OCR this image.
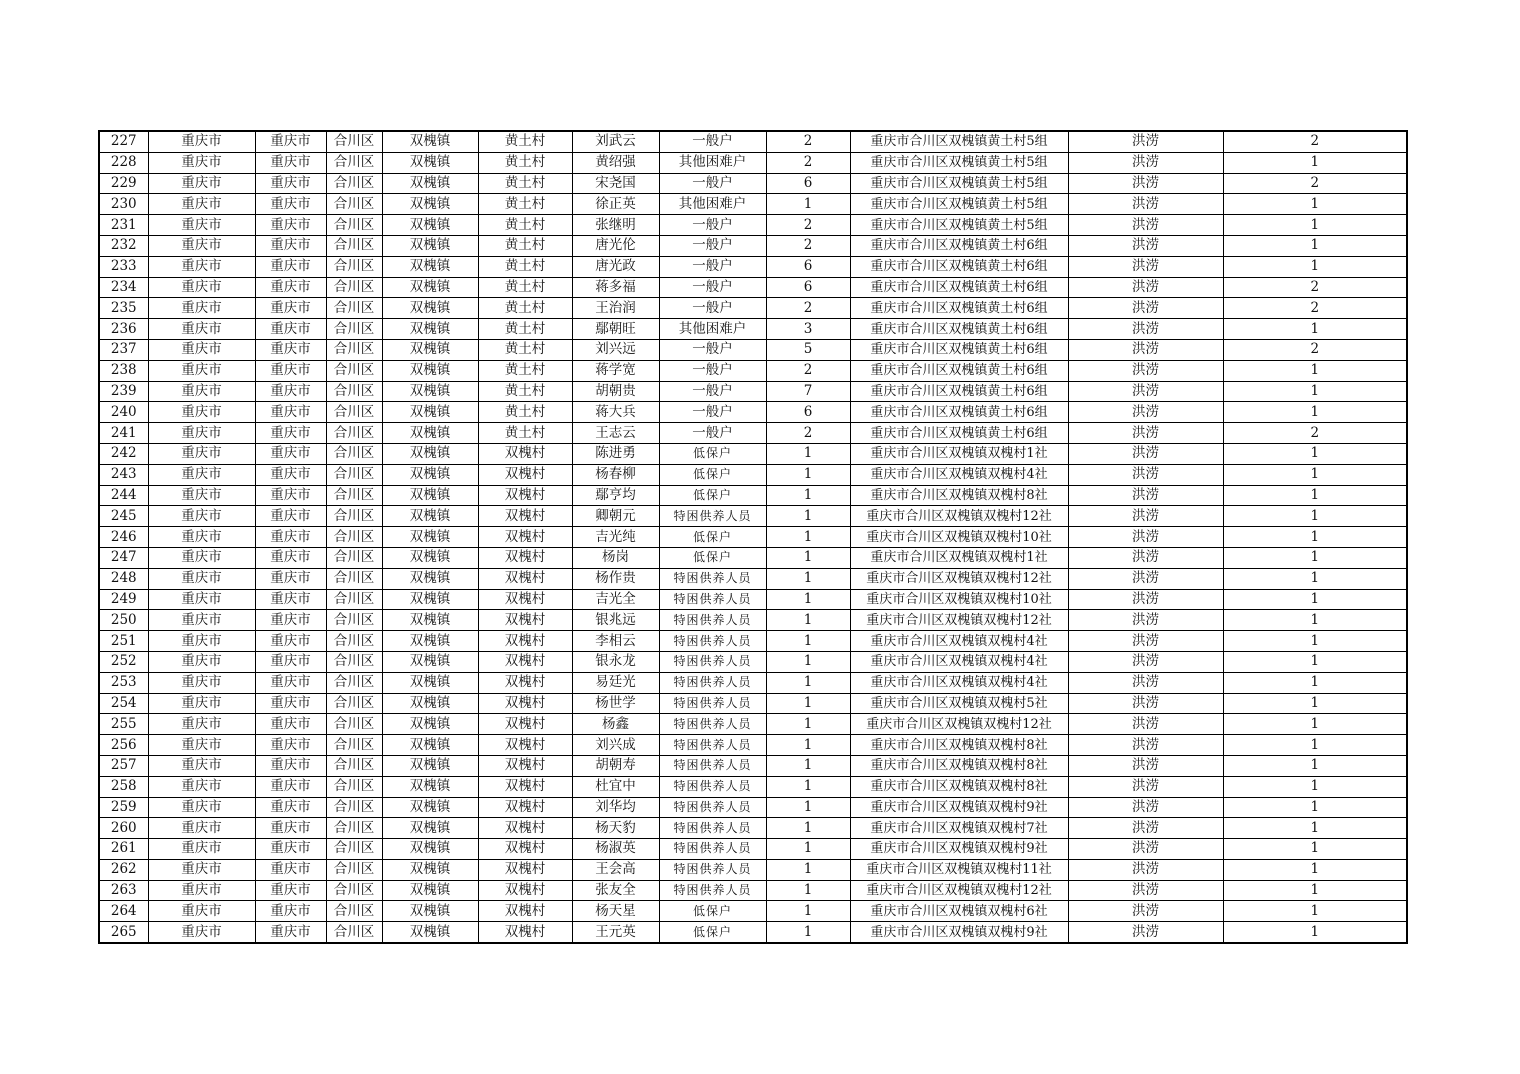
227	重庆市	重庆市	合川区	双槐镇	黄土村	刘武云	一般户	2	重庆市合川区双槐镇黄土村5组	洪涝	2
228	重庆市	重庆市	合川区	双槐镇	黄土村	黄绍强	其他困难户	2	重庆市合川区双槐镇黄土村5组	洪涝	1
229	重庆市	重庆市	合川区	双槐镇	黄土村	宋尧国	一般户	6	重庆市合川区双槐镇黄土村5组	洪涝	2
230	重庆市	重庆市	合川区	双槐镇	黄土村	徐正英	其他困难户	1	重庆市合川区双槐镇黄土村5组	洪涝	1
231	重庆市	重庆市	合川区	双槐镇	黄土村	张继明	一般户	2	重庆市合川区双槐镇黄土村5组	洪涝	1
232	重庆市	重庆市	合川区	双槐镇	黄土村	唐光伦	一般户	2	重庆市合川区双槐镇黄土村6组	洪涝	1
233	重庆市	重庆市	合川区	双槐镇	黄土村	唐光政	一般户	6	重庆市合川区双槐镇黄土村6组	洪涝	1
234	重庆市	重庆市	合川区	双槐镇	黄土村	蒋多福	一般户	6	重庆市合川区双槐镇黄土村6组	洪涝	2
235	重庆市	重庆市	合川区	双槐镇	黄土村	王治润	一般户	2	重庆市合川区双槐镇黄土村6组	洪涝	2
236	重庆市	重庆市	合川区	双槐镇	黄土村	鄢朝旺	其他困难户	3	重庆市合川区双槐镇黄土村6组	洪涝	1
237	重庆市	重庆市	合川区	双槐镇	黄土村	刘兴远	一般户	5	重庆市合川区双槐镇黄土村6组	洪涝	2
238	重庆市	重庆市	合川区	双槐镇	黄土村	蒋学宽	一般户	2	重庆市合川区双槐镇黄土村6组	洪涝	1
239	重庆市	重庆市	合川区	双槐镇	黄土村	胡朝贵	一般户	7	重庆市合川区双槐镇黄土村6组	洪涝	1
240	重庆市	重庆市	合川区	双槐镇	黄土村	蒋大兵	一般户	6	重庆市合川区双槐镇黄土村6组	洪涝	1
241	重庆市	重庆市	合川区	双槐镇	黄土村	王志云	一般户	2	重庆市合川区双槐镇黄土村6组	洪涝	2
242	重庆市	重庆市	合川区	双槐镇	双槐村	陈进勇	低保户	1	重庆市合川区双槐镇双槐村1社	洪涝	1
243	重庆市	重庆市	合川区	双槐镇	双槐村	杨春柳	低保户	1	重庆市合川区双槐镇双槐村4社	洪涝	1
244	重庆市	重庆市	合川区	双槐镇	双槐村	鄢亨均	低保户	1	重庆市合川区双槐镇双槐村8社	洪涝	1
245	重庆市	重庆市	合川区	双槐镇	双槐村	卿朝元	特困供养人员	1	重庆市合川区双槐镇双槐村12社	洪涝	1
246	重庆市	重庆市	合川区	双槐镇	双槐村	吉光纯	低保户	1	重庆市合川区双槐镇双槐村10社	洪涝	1
247	重庆市	重庆市	合川区	双槐镇	双槐村	杨岗	低保户	1	重庆市合川区双槐镇双槐村1社	洪涝	1
248	重庆市	重庆市	合川区	双槐镇	双槐村	杨作贵	特困供养人员	1	重庆市合川区双槐镇双槐村12社	洪涝	1
249	重庆市	重庆市	合川区	双槐镇	双槐村	吉光全	特困供养人员	1	重庆市合川区双槐镇双槐村10社	洪涝	1
250	重庆市	重庆市	合川区	双槐镇	双槐村	银兆远	特困供养人员	1	重庆市合川区双槐镇双槐村12社	洪涝	1
251	重庆市	重庆市	合川区	双槐镇	双槐村	李相云	特困供养人员	1	重庆市合川区双槐镇双槐村4社	洪涝	1
252	重庆市	重庆市	合川区	双槐镇	双槐村	银永龙	特困供养人员	1	重庆市合川区双槐镇双槐村4社	洪涝	1
253	重庆市	重庆市	合川区	双槐镇	双槐村	易廷光	特困供养人员	1	重庆市合川区双槐镇双槐村4社	洪涝	1
254	重庆市	重庆市	合川区	双槐镇	双槐村	杨世学	特困供养人员	1	重庆市合川区双槐镇双槐村5社	洪涝	1
255	重庆市	重庆市	合川区	双槐镇	双槐村	杨鑫	特困供养人员	1	重庆市合川区双槐镇双槐村12社	洪涝	1
256	重庆市	重庆市	合川区	双槐镇	双槐村	刘兴成	特困供养人员	1	重庆市合川区双槐镇双槐村8社	洪涝	1
257	重庆市	重庆市	合川区	双槐镇	双槐村	胡朝寿	特困供养人员	1	重庆市合川区双槐镇双槐村8社	洪涝	1
258	重庆市	重庆市	合川区	双槐镇	双槐村	杜宜中	特困供养人员	1	重庆市合川区双槐镇双槐村8社	洪涝	1
259	重庆市	重庆市	合川区	双槐镇	双槐村	刘华均	特困供养人员	1	重庆市合川区双槐镇双槐村9社	洪涝	1
260	重庆市	重庆市	合川区	双槐镇	双槐村	杨天豹	特困供养人员	1	重庆市合川区双槐镇双槐村7社	洪涝	1
261	重庆市	重庆市	合川区	双槐镇	双槐村	杨淑英	特困供养人员	1	重庆市合川区双槐镇双槐村9社	洪涝	1
262	重庆市	重庆市	合川区	双槐镇	双槐村	王会高	特困供养人员	1	重庆市合川区双槐镇双槐村11社	洪涝	1
263	重庆市	重庆市	合川区	双槐镇	双槐村	张友全	特困供养人员	1	重庆市合川区双槐镇双槐村12社	洪涝	1
264	重庆市	重庆市	合川区	双槐镇	双槐村	杨天星	低保户	1	重庆市合川区双槐镇双槐村6社	洪涝	1
265	重庆市	重庆市	合川区	双槐镇	双槐村	王元英	低保户	1	重庆市合川区双槐镇双槐村9社	洪涝	1
